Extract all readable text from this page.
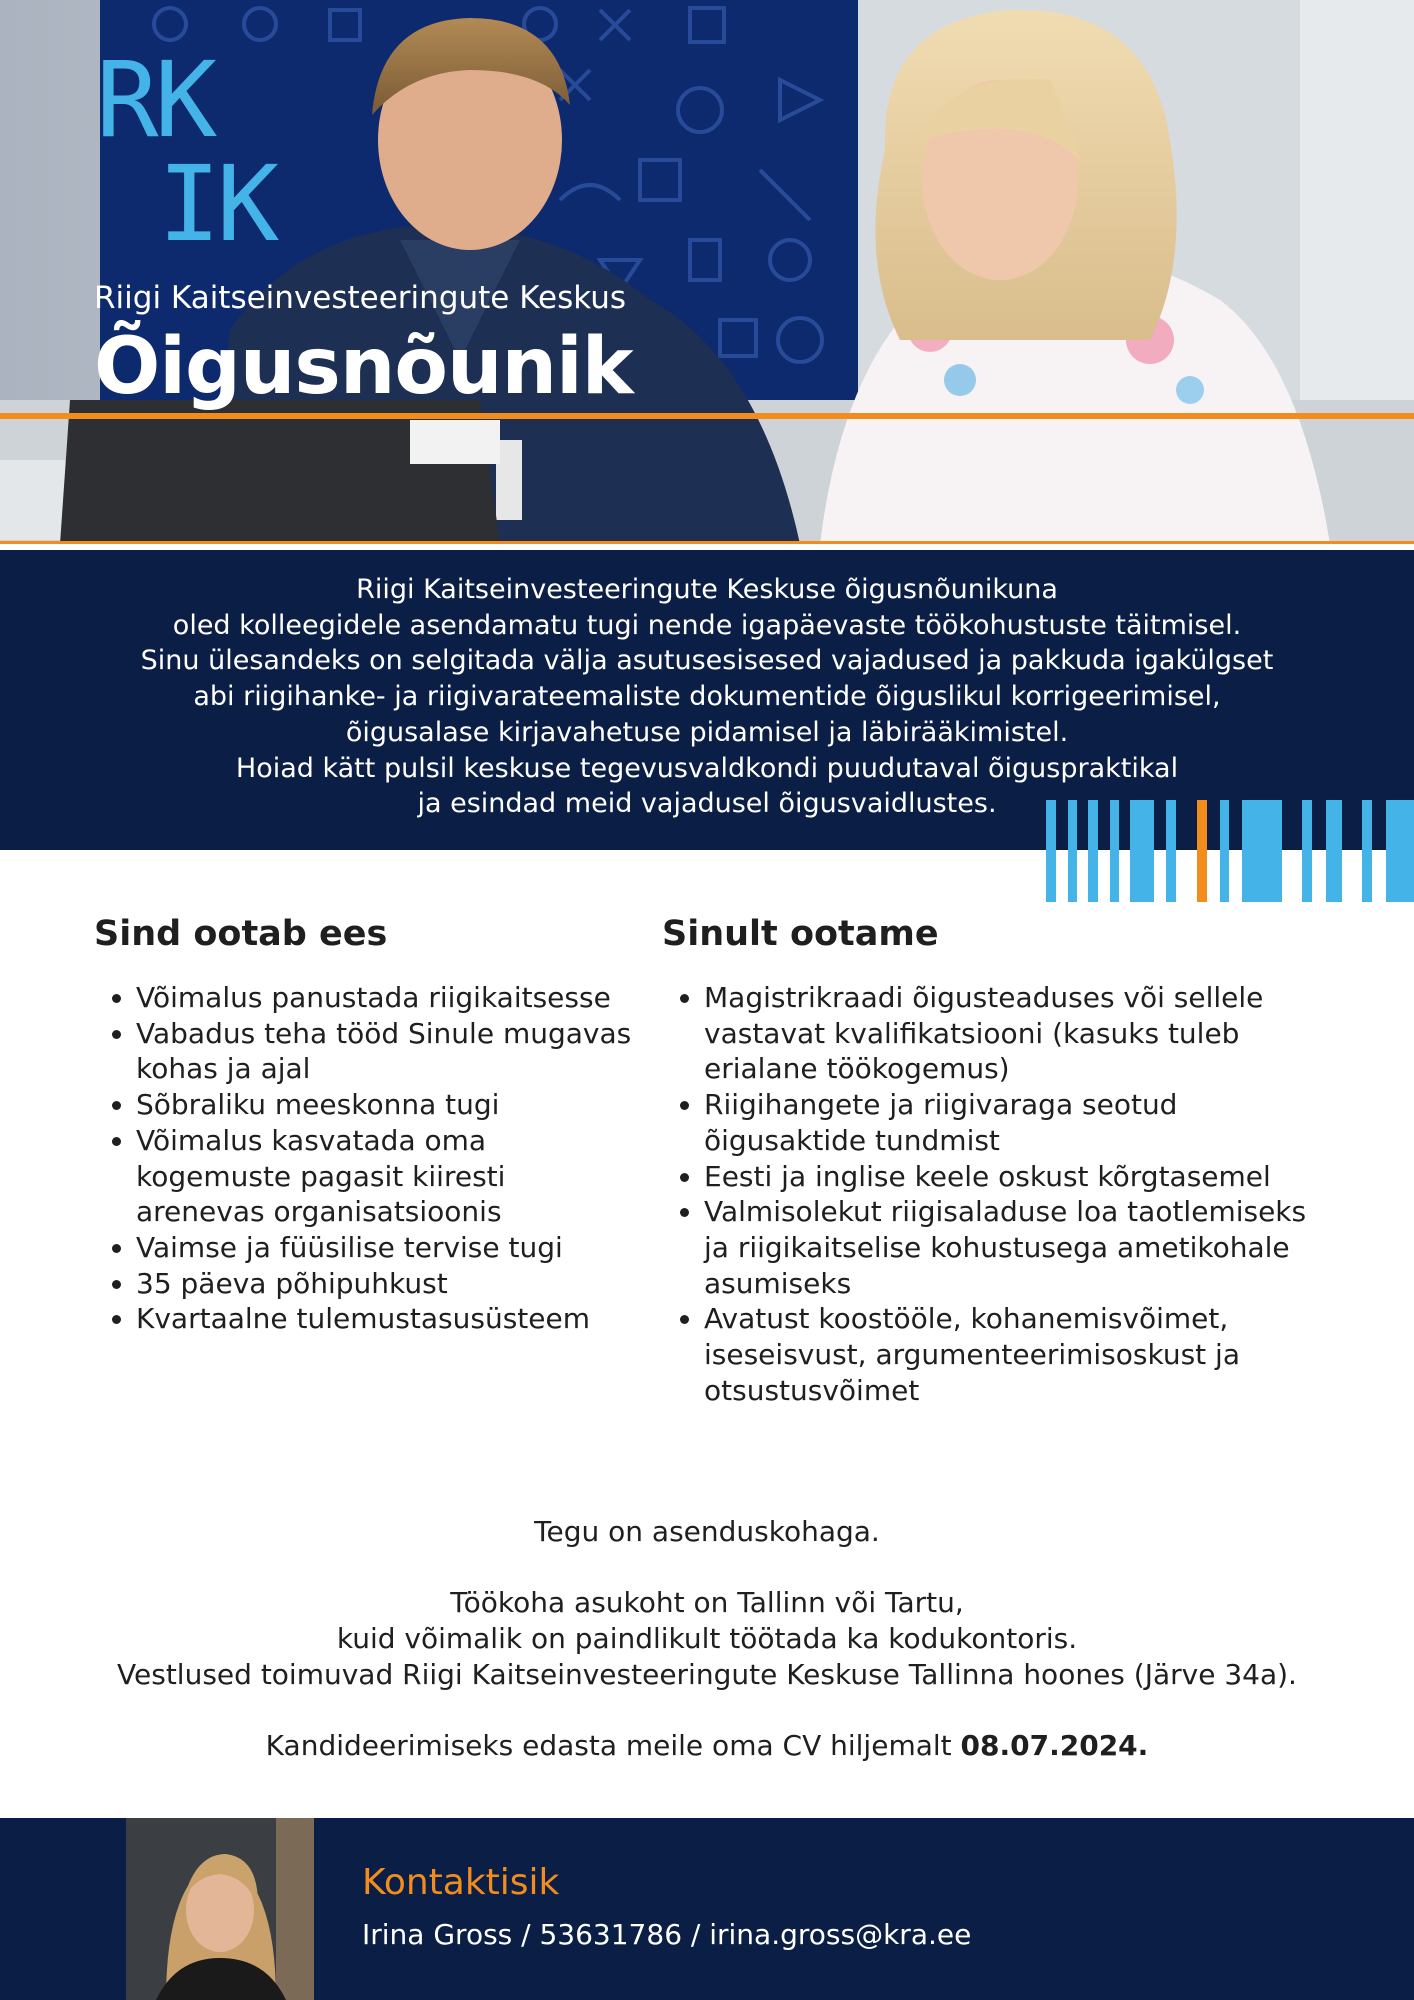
RK
IK
Riigi Kaitseinvesteeringute Keskus
Õigusnõunik
Riigi Kaitseinvesteeringute Keskuse õigusnõunikuna
oled kolleegidele asendamatu tugi nende igapäevaste töökohustuste täitmisel.
Sinu ülesandeks on selgitada välja asutusesisesed vajadused ja pakkuda igakülgset
abi riigihanke- ja riigivarateemaliste dokumentide õiguslikul korrigeerimisel,
õigusalase kirjavahetuse pidamisel ja läbirääkimistel.
Hoiad kätt pulsil keskuse tegevusvaldkondi puudutaval õiguspraktikal
ja esindad meid vajadusel õigusvaidlustes.
Sind ootab ees
• Võimalus panustada riigikaitsesse
• Vabadus teha tööd Sinule mugavas kohas ja ajal
• Sõbraliku meeskonna tugi
• Võimalus kasvatada oma kogemuste pagasit kiiresti arenevas organisatsioonis
• Vaimse ja füüsilise tervise tugi
• 35 päeva põhipuhkust
• Kvartaalne tulemustasusüsteem
Sinult ootame
• Magistrikraadi õigusteaduses või sellele vastavat kvalifikatsiooni (kasuks tuleb erialane töökogemus)
• Riigihangete ja riigivaraga seotud õigusaktide tundmist
• Eesti ja inglise keele oskust kõrgtasemel
• Valmisolekut riigisaladuse loa taotlemiseks ja riigikaitselise kohustusega ametikohale asumiseks
• Avatust koostööle, kohanemisvõimet, iseseisvust, argumenteerimisoskust ja otsustusvõimet
Tegu on asenduskohaga.
Töökoha asukoht on Tallinn või Tartu,
kuid võimalik on paindlikult töötada ka kodukontoris.
Vestlused toimuvad Riigi Kaitseinvesteeringute Keskuse Tallinna hoones (Järve 34a).
Kandideerimiseks edasta meile oma CV hiljemalt 08.07.2024.
Kontaktisik
Irina Gross / 53631786 / irina.gross@kra.ee
